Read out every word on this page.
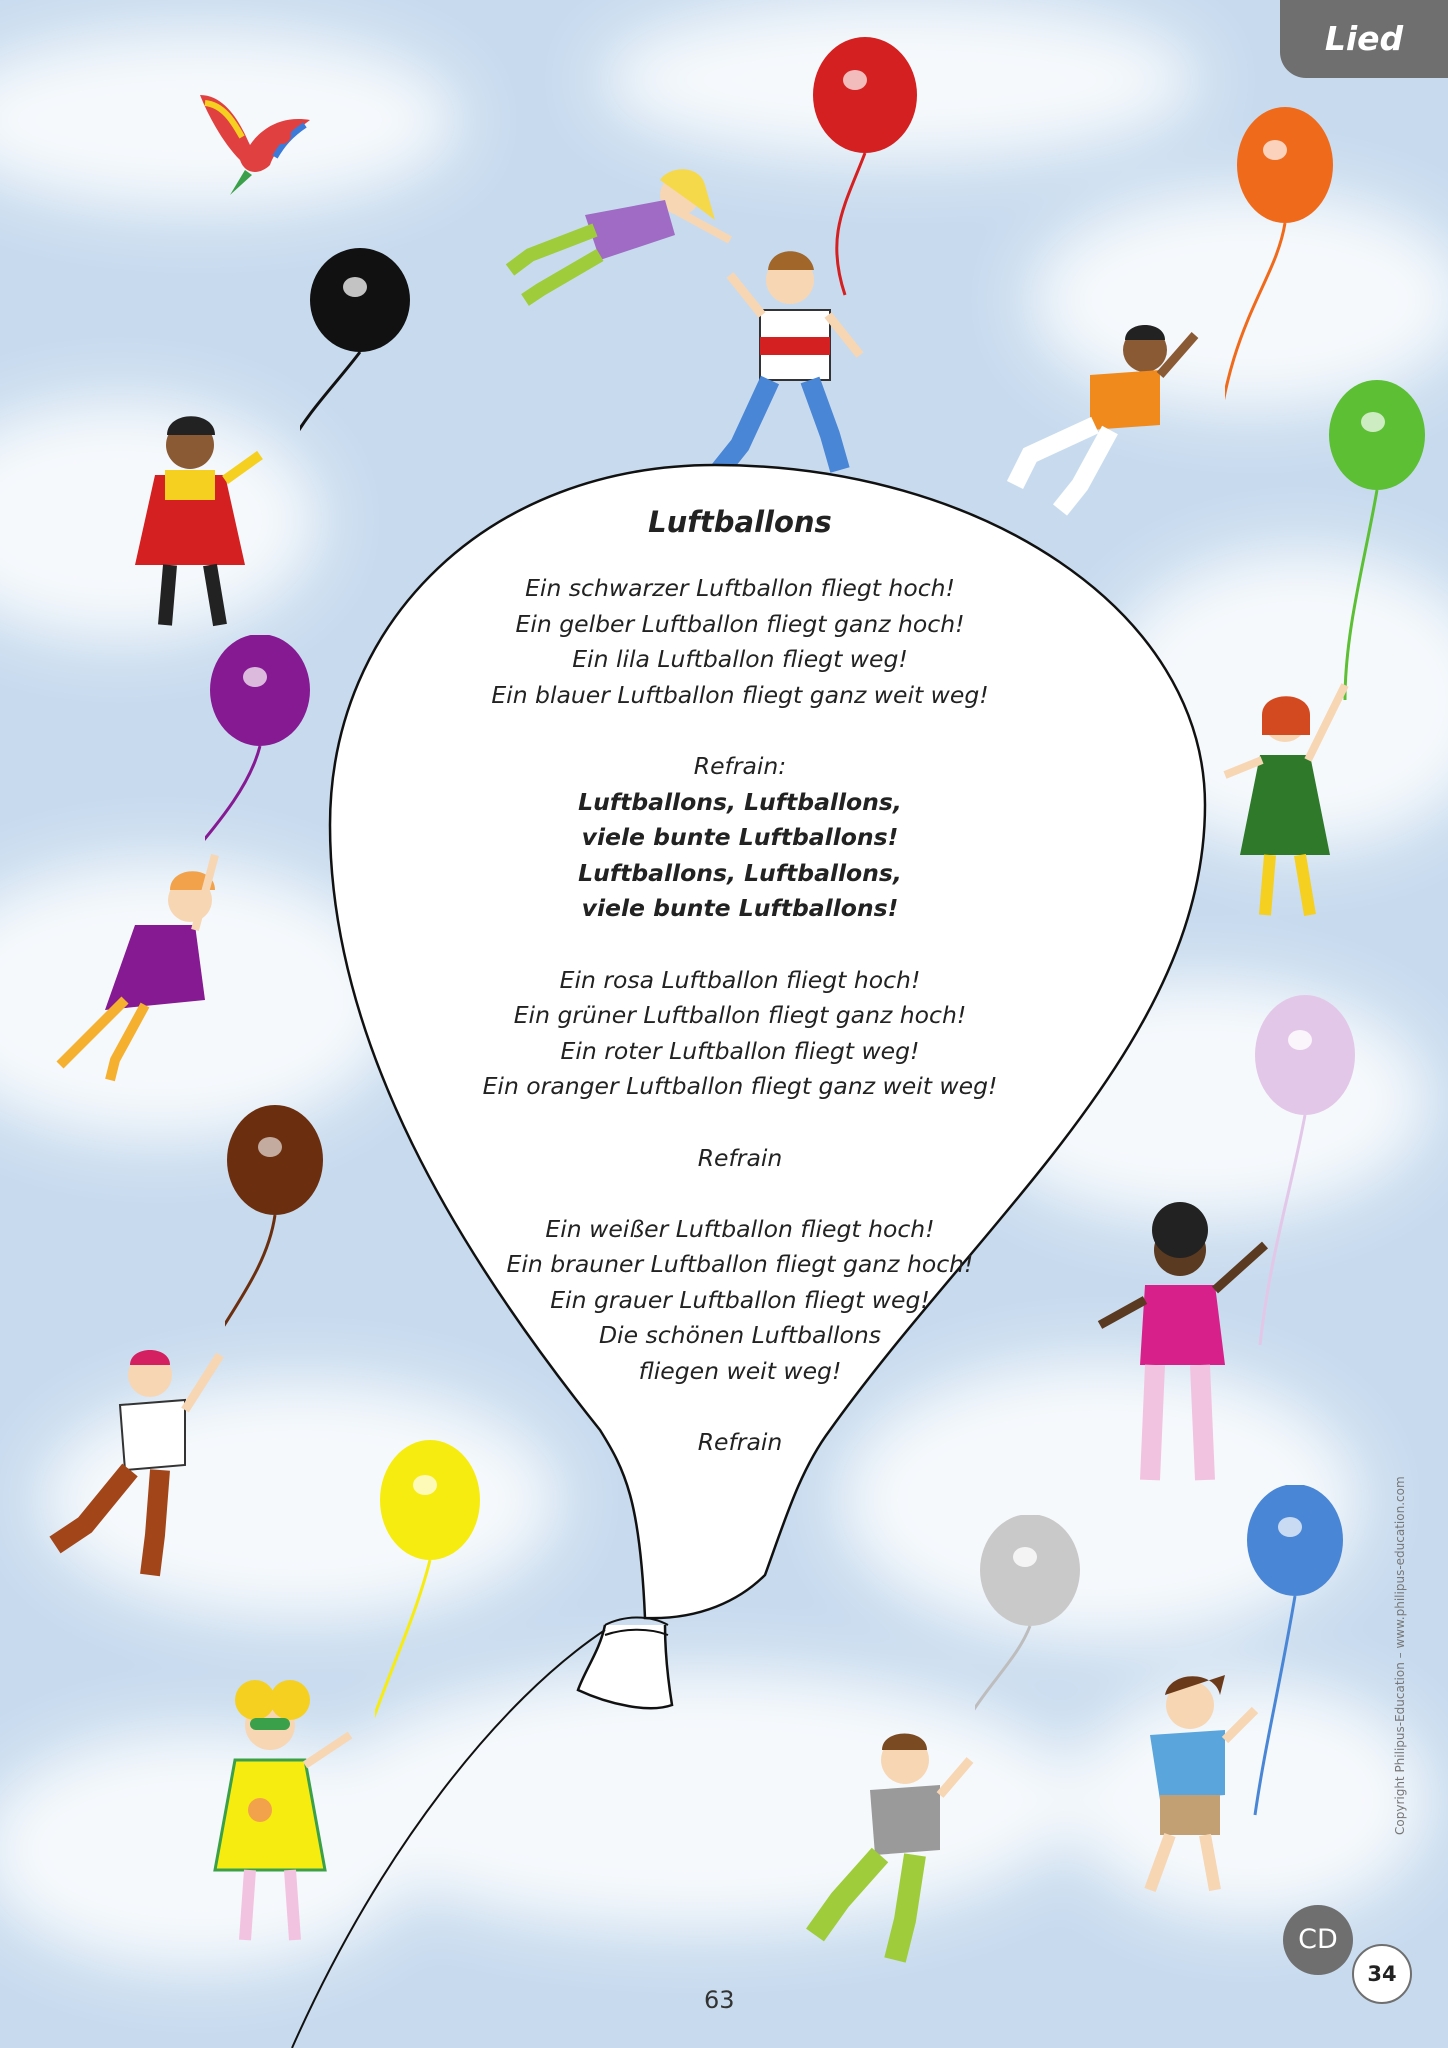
Lied
Luftballons
Ein schwarzer Luftballon fliegt hoch!
Ein gelber Luftballon fliegt ganz hoch!
Ein lila Luftballon fliegt weg!
Ein blauer Luftballon fliegt ganz weit weg!
Refrain:
Luftballons, Luftballons,
viele bunte Luftballons!
Luftballons, Luftballons,
viele bunte Luftballons!
Ein rosa Luftballon fliegt hoch!
Ein grüner Luftballon fliegt ganz hoch!
Ein roter Luftballon fliegt weg!
Ein oranger Luftballon fliegt ganz weit weg!
Refrain
Ein weißer Luftballon fliegt hoch!
Ein brauner Luftballon fliegt ganz hoch!
Ein grauer Luftballon fliegt weg!
Die schönen Luftballons
fliegen weit weg!
Refrain
Copyright Philipus-Education – www.philipus-education.com
63
CD
34
